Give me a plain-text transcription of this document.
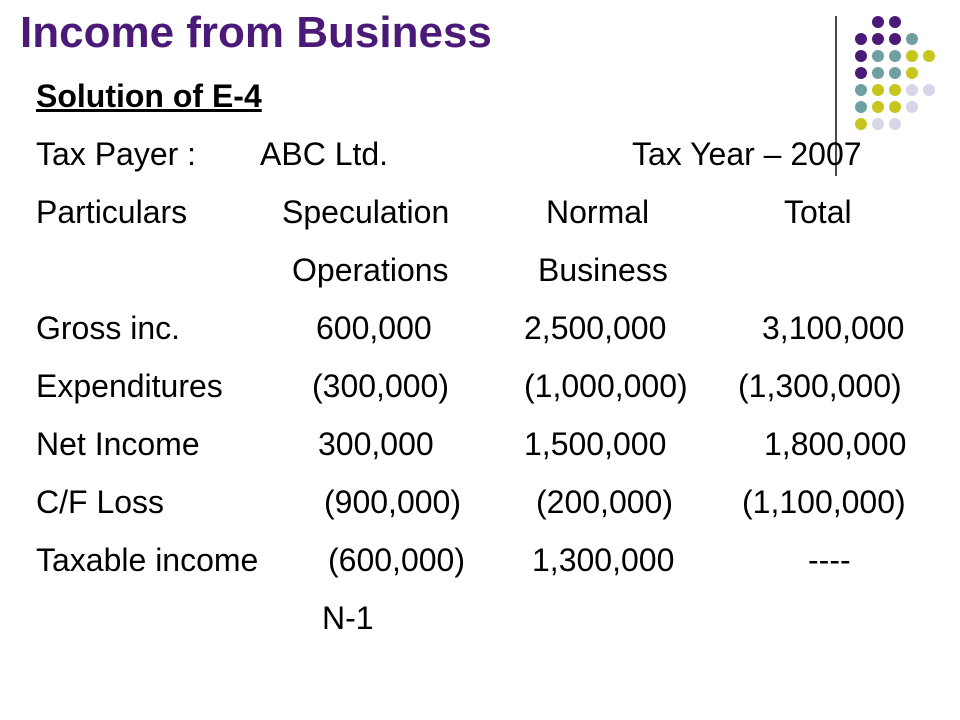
Income from Business
Solution of E-4
Tax Payer : ABC Ltd.	Tax Year – 2007
Particulars	Speculation	Normal	Total
Operations	Business
Gross inc.	600,000	2,500,000	3,100,000
Expenditures	(300,000) (1,000,000) (1,300,000)
Net Income	300,000	1,500,000	1,800,000
C/F Loss	(900,000) (200,000) (1,100,000)
Taxable income (600,000) 1,300,000	----
N-1
